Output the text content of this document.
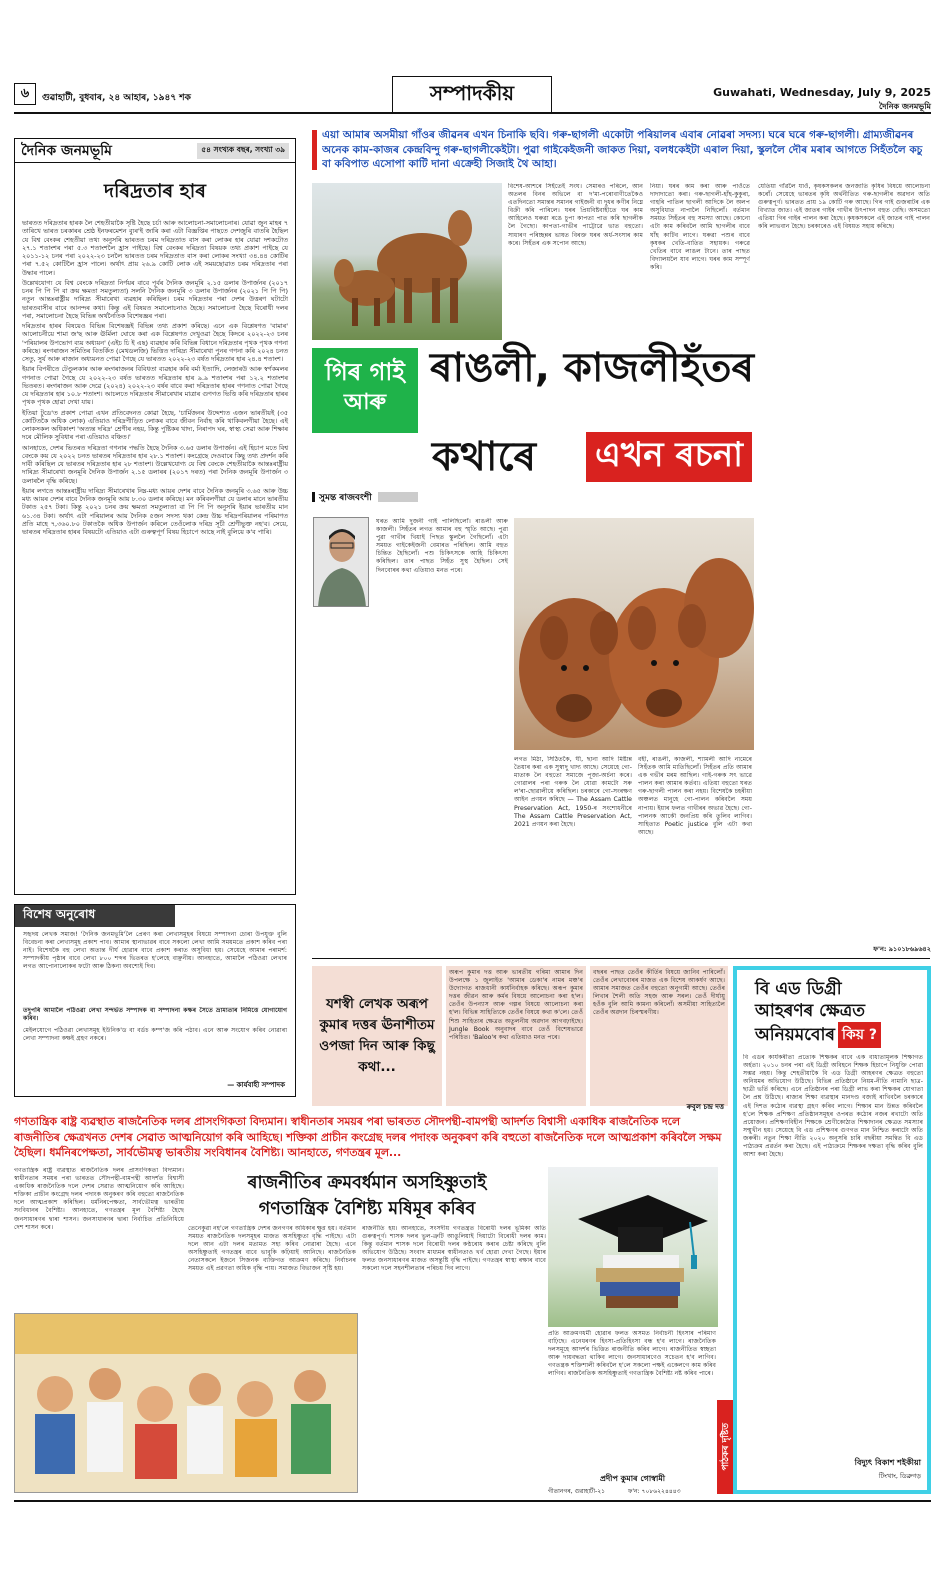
৬ গুৱাহাটী, বুধবাৰ, ২৪ আহাৰ, ১৯৪৭ শক	সম্পাদকীয়	Guwahati, Wednesday, July 9, 2025
দৈনিক জনমভূমি
দৈনিক জনমভূমি	৫৪ সংখ্যক বছৰ, সংখ্যা ৩৯
দৰিদ্ৰতাৰ হাৰ

ভাৰতত দৰিদ্ৰতাৰ হাৰক লৈ শেহতীয়াকৈ সৃষ্টি হৈছে চৰ্চা আৰু আলোচনা-সমালোচনাৰ। যোৱা জুন মাহৰ ৭ তাৰিখে ভাৰত চৰকাৰৰ শ্ৰেষ্ঠ ইনফৰমেশন ব্যুৰ'ই জাৰি কৰা এটা বিজ্ঞপ্তিৰ পাছতে দেশজুৰি বাতৰি হৈছিল যে বিশ্ব বেংকৰ শেহতীয়া তথ্য অনুসৰি ভাৰতত চৰম দৰিদ্ৰতাত বাস কৰা লোকৰ হাৰ যোৱা দশকটোত ২৭.১ শতাংশৰ পৰা ৫.৩ শতাংশলৈ হ্ৰাস পাইছে। বিশ্ব বেংকৰ দৰিদ্ৰতা বিষয়ক তথ্য প্ৰকাশ পাইছে যে ২০১১-১২ চনৰ পৰা ২০২২-২৩ চনলৈ ভাৰতত চৰম দৰিদ্ৰতাত বাস কৰা লোকৰ সংখ্যা ৩৪.৪৪ কোটিৰ পৰা ৭.৫২ কোটিলৈ হ্ৰাস পালে। অৰ্থাৎ প্ৰায় ২৬.৯ কোটি লোক এই সময়ছোৱাত চৰম দৰিদ্ৰতাৰ পৰা উদ্ধাৰ পালে।

উল্লেখযোগ্য যে বিশ্ব বেংকে দৰিদ্ৰতা নিৰ্ণয়ৰ বাবে পূৰ্বৰ দৈনিক জনমূৰি ২.১৫ ডলাৰ উপাৰ্জনৰ (২০১৭ চনৰ পি পি পি বা ক্ৰয় ক্ষমতা সমতুল্যতা) সলনি দৈনিক জনমূৰি ৩ ডলাৰ উপাৰ্জনৰ (২০২১ পি পি পি) নতুন আন্তঃৰাষ্ট্ৰীয় দাৰিদ্ৰ্য সীমাৰেখা ব্যৱহাৰ কৰিছিল। চৰম দৰিদ্ৰতাৰ পৰা দেশৰ উত্তৰণ ঘটাটো ভাৰতবাসীৰ বাবে আনন্দৰ কথা। কিন্তু এই বিষয়ত সমালোচনাও হৈছে। সমালোচনা হৈছে বিৰোধী দলৰ পৰা, সমালোচনা হৈছে বিভিন্ন অৰ্থনৈতিক বিশেষজ্ঞৰ পৰা।

দৰিদ্ৰতাৰ হাৰৰ বিষয়েও বিভিন্ন বিশেষজ্ঞই বিভিন্ন তথ্য প্ৰকাশ কৰিছে। এনে এক বিশ্লেষণত 'বামাৰ' আলোচনীয়ে শামা জ'ছ আৰু ঊৰ্মিলা ঘোষে কৰা এক বিশ্লেষণত দেখুওৱা হৈছে কিদৰে ২০২২-২৩ চনৰ 'পৰিয়ালৰ উপভোগ ব্যয় অধ্যয়ন' (এইচ চি ই এছ) ব্যৱহাৰ কৰি বিভিন্ন বিধানে দৰিদ্ৰতাৰ পৃথক পৃথক গণনা কৰিছে। ৰংগৰাজন সমিতিৰ বিতৰ্কিত (মেথডলজি) ভিত্তিত দাৰিদ্ৰ্য সীমাৰেখা পুনৰ গণনা কৰি ২০২৪ চনত সেতু, সুৰ্য আৰু ৰাজান অধ্যয়নত পোৱা গৈছে যে ভাৰতত ২০২২-২৩ বৰ্ষত দৰিদ্ৰতাৰ হাৰ ২৪.৪ শতাংশ।

ইয়াৰ বিপৰীতে টেণ্ডুলকাৰ আৰু ৰংগৰাজনৰ বিবিধতা ব্যৱহাৰ কৰি বৰ্মা ইত্যাদি, লেজাৰউ আৰু স্বৰ্ণকমলৰ গণনাত পোৱা গৈছে যে ২০২২-২৩ বৰ্ষত ভাৰতত দৰিদ্ৰতাৰ হাৰ ৯.৯ শতাংশৰ পৰা ১২.২ শতাংশৰ ভিতৰত। ৰংগৰাজন আৰু দেৱে (২০২৪) ২০২২-২৩ বৰ্ষৰ বাবে কৰা দৰিদ্ৰতাৰ হাৰৰ গণনাত পোৱা গৈছে যে দৰিদ্ৰতাৰ হাৰ ১০.৮ শতাংশ। আচলতে দৰিদ্ৰতাৰ সীমাৰেখাৰ মাত্ৰাৰ গুণগত ভিত্তি কৰি দৰিদ্ৰতাৰ হাৰৰ পৃথক পৃথক হোৱা দেখা যায়।

ইতিয়া টুডে'ত প্ৰকাশ পোৱা এখন প্ৰতিবেদনত কোৱা হৈছে, 'চাৰ্মিজনৰ উদ্দেশ্যত এজন ভাৰতীয়ই (৩৫ কোটিতকৈ অধিক লোক) এতিয়াও দৰিদ্ৰপীড়িত লোকৰ বাবে জীবন নিৰ্বাহ কৰি থাকিবলগীয়া হৈছে। এই লোকসকল অধিকাংশ 'অত্যন্ত দৰিদ্ৰ' শ্ৰেণীৰ নহয়, কিন্তু পুষ্টিকৰ খাদ্য, নিৰাপদ ঘৰ, স্বাস্থ্য সেৱা আৰু শিক্ষাৰ দৰে মৌলিক সুবিধাৰ পৰা এতিয়াও বঞ্চিত।'

আনহাতে, দেশৰ ভিতৰত দৰিদ্ৰতা গণনাৰ পদ্ধতি হৈছে দৈনিক ৩.৬৫ ডলাৰ উপাৰ্জন। এই হিচাপ মতে বিশ্ব বেংকে কয় যে ২০২২ চনত ভাৰতৰ দৰিদ্ৰতাৰ হাৰ ২৮.১ শতাংশ। কংগ্ৰেছে দেওবাৰে কিছু তথ্য প্ৰদৰ্শন কৰি দাবী কৰিছিল যে ভাৰতৰ দৰিদ্ৰতাৰ হাৰ ২৮ শতাংশ। উল্লেখযোগ্য যে বিশ্ব বেংকে শেহতীয়াকৈ আন্তঃৰাষ্ট্ৰীয় দাৰিদ্ৰ্য সীমাৰেখা জনমূৰি দৈনিক উপাৰ্জন ২.১৫ ডলাৰৰ (২০১৭ দৰত) পৰা দৈনিক জনমূৰি উপাৰ্জন ৩ ডলাৰলৈ বৃদ্ধি কৰিছে।

ইয়াৰ লগতে আন্তঃৰাষ্ট্ৰীয় দাৰিদ্ৰ্য সীমাৰেখাৰ নিম্ন-মধ্য আয়ৰ দেশৰ বাবে দৈনিক জনমূৰি ৩.৬৫ আৰু উচ্চ মধ্য আয়ৰ দেশৰ বাবে দৈনিক জনমূৰি আয় ৮.৩০ ডলাৰ কৰিছে। মন কৰিবলগীয়া যে ডলাৰ মানে ভাৰতীয় টকাত ২৫৭ টকা। কিন্তু ২০২১ চনৰ ক্ৰয় ক্ষমতা সমতুল্যতা বা পি পি পি অনুসৰি ইয়াৰ ভাৰতীয় মান ৬১.৩৪ টকা। অৰ্থাৎ এটা পৰিয়ালৰ আয় দৈনিক ৫জন সদস্য থকা কেন্দ্ৰ উচ্চ দৰিদ্ৰপৰিয়ালৰ পৰিমাণত প্ৰতি মাহে ৭,৩৬০.৮০ টকাতকৈ অধিক উপাৰ্জন কৰিলে তেওঁলোক দৰিদ্ৰ সূচী শ্ৰেণীভুক্ত নহ'ব। সেয়ে, ভাৰতৰ দৰিদ্ৰতাৰ হাৰৰ বিষয়টো এতিয়াও এটা গুৰুত্বপূৰ্ণ বিষয় হিচাপে আছে নাই বুলিয়ে ক'ব পাৰি।

বিশেষ অনুৰোধ
সহৃদয় লেখক সমাজ! 'দৈনিক জনমভূমি'লৈ প্ৰেৰণ কৰা লেখাসমূহৰ বিষয়ে সম্পাদনা চোৰা উপযুক্ত বুলি বিবেচনা কৰা লেখাসমূহ প্ৰকাশ পাব। আমাৰ স্থানাভাৱৰ বাবে সকলো লেখা আমি সময়মতে প্ৰকাশ কৰিব পৰা নাই। বিশেষকৈ বহু লেখা অত্যন্ত দীৰ্ঘ হোৱাৰ বাবে প্ৰকাশ কৰাত অসুবিধা হয়। সেয়েহে আমাৰ পৰামৰ্শ: সম্পাদকীয় পৃষ্ঠাৰ বাবে লেখা ৮০০ শব্দৰ ভিতৰত হ'লেহে বাঞ্ছনীয়। আনহাতে, আমালৈ পঠিওৱা লেখাৰ লগত আপোনালোকৰ ফটো আৰু ঠিকনা অবশ্যেই দিব।
তদুপৰি আমালৈ পঠিওৱা লেখা সন্দৰ্ভত সম্পাদক বা সম্পাদনা কক্ষৰ সৈতে ভ্ৰাম্যতাৰ নিমিত্তে যোগাযোগ কৰিব।
মেইলযোগে পঠিওৱা লেখাসমূহ ইউনিক'ড বা বৰ্ডচ কম্প'জ কৰি পঠাব। এনে আৰু সংযোগ কৰিব নোৱাৰা লেখা সম্পাদনা কক্ষই গ্ৰহণ নকৰে।
— কাৰ্যবাহী সম্পাদক
এয়া আমাৰ অসমীয়া গাঁওৰ জীৱনৰ এখন চিনাকি ছবি। গৰু-ছাগলী একোটা পৰিয়ালৰ এবাৰ নোৱৰা সদস্য। ঘৰে ঘৰে গৰু-ছাগলী। গ্ৰাম্যজীৱনৰ অনেক কাম-কাজৰ কেন্দ্ৰবিন্দু গৰু-ছাগলীকেইটা। পুৱা গাইকেইজনী জাকত দিয়া, বলধকেইটা এৰাল দিয়া, স্কুললৈ দৌৰ মৰাৰ আগতে সিহঁতলৈ কচু বা কবিপাত এসোপা কাটি দানা এক্ৰেহী সিজাই থৈ আহা।
বিশেষ-আশৰে সিহঁতেই সংঘ। সেমাৰও পৰিলে, আন অতলৰ বিনৰ অভিলে বা দ'মা-পৰোবাণীতেকৈও এতদিনতো সমান্তৰ সমানৰ গাইজনী বা দুধৰ কণীৰ নিম্নে বিক্ৰী কৰি পাৰিলে। ঘৰৰ প্ৰিয়বিষ্টবাহীতে ঘৰ কাম আহিলেও ঘৰুৱা ৰঙে চুপা কাপতা পাত কৰি ছাগলীক লৈ গৈছো। কাপতা-গাভীৰ পাট্টোৱে ভাত বহুতো। সাধাৰণ পৰিচ্ছন্নৰ ভাষত বিৰক্ত ঘৰৰ অৰ্ধ-সংসাৰ কাম কৰে। সিহঁতৰ এক সপোন আছে।
নিয়া। ঘৰৰ কাম কৰা আৰু পাওঁতে দাদাদাতো কৰা। গৰু-ছাগলী-হাঁহ-কুকুৰা, গাহৰি পাতিল ছাগলী আদিকে লৈ অলপ অসুবিধাত নাপালৈ নিছিলোঁ। বৰ্তমান সময়ত সিহঁতৰ বহু সমস্যা আছে। কোনো এটা কাম কৰিবলৈ আমি ছাগলীৰ বাবে ঘাঁহ কাটিব লাগে। ঘৰুৱা পশুৰ বাবে কৃষকৰ খেতি-বাতিত সহায়ক। গৰুৱে খেতিৰ বাবে লাঙল টানে। তাৰ পাছত বিদ্যালয়লৈ যাব লাগে। ঘৰৰ কাম সম্পূৰ্ণ কৰি।
যেতিয়া গাঁৱলৈ যাওঁ, কৃষকসকলৰ জনজাতি কৃষিৰ বিষয়ে আলোচনা কৰোঁ। সেয়েহে ভাৰতৰ কৃষি অৰ্থনীতিত গৰু-ছাগলীৰ অৱদান অতি গুৰুত্বপূৰ্ণ। ভাৰতত প্ৰায় ১৯ কোটি গৰু আছে। গিৰ গাই গুজৰাটৰ এক বিখ্যাত জাত। এই জাতৰ গাইৰ গাখীৰ উৎপাদন বহুত বেছি। অসমতো এতিয়া গিৰ গাইৰ পালন কৰা হৈছে। কৃষকসকলে এই জাতৰ গাই পালন কৰি লাভবান হৈছে। চৰকাৰেও এই বিষয়ত সহায় কৰিছে।
গিৰ গাই
আৰু
ৰাঙলী, কাজলীহঁতৰ
কথাৰে এখন ৰচনা
সুমন্ত ৰাজবংশী
ঘৰত আমি দুজনী গাই পালিছিলোঁ। ৰাঙলী আৰু কাজলী। সিহঁতৰ লগত আমাৰ বহু স্মৃতি আছে। পুৱা পুৱা গাখীৰ খিয়াই পিছত স্কুললৈ গৈছিলোঁ। এটা সময়ত গাইকেইজনী বেমাৰত পৰিছিল। আমি বহুত চিন্তিত হৈছিলোঁ। পশু চিকিৎসকে আহি চিকিৎসা কৰিছিল। তাৰ পাছত সিহঁত সুস্থ হৈছিল। সেই দিনবোৰৰ কথা এতিয়াও মনত পৰে।
লগত মিঠা, সিঠিতকৈ, ঘী, ছানা আদি মিষ্টান্ন তৈয়াৰ কৰা এক সুস্বাদু খাদ্য আছে। সেয়েহে গো-মাতাক লৈ বহুতো সমাজে পূজা-অৰ্চনা কৰে। গোৱালৰ পৰা গৰুক লৈ যোৱা কামটো সৰু ল'ৰা-ছোৱালীয়ে কৰিছিল। চৰকাৰে গো-সংৰক্ষণ আইন প্ৰণয়ন কৰিছে — The Assam Cattle Preservation Act, 1950-ৰ সংশোধনীৰে The Assam Cattle Preservation Act, 2021 প্ৰণয়ন কৰা হৈছে।
বহী, ৰাঙলী, কাজলী, শ্যামলী আদি নামেৰে সিহঁতক আমি মাতিছিলোঁ। সিহঁতৰ প্ৰতি আমাৰ এক গভীৰ মৰম আছিল। গাই-গৰুক সৎ ভাৱে পালন কৰা আমাৰ কৰ্তব্য। এতিয়া বহুতো ঘৰত গৰু-ছাগলী পালন কৰা নহয়। বিশেষকৈ চহৰীয়া অঞ্চলত মানুহে গো-পালন কৰিবলৈ সময় নাপায়। ইয়াৰ ফলত গাখীৰৰ অভাৱ হৈছে। গো-পালনক আকৌ জনপ্ৰিয় কৰি তুলিব লাগিব। সাহিত্যত Poetic justice বুলি এটা কথা আছে।
ফ'ন: ৯১০১৮৬৯৬৪২
যশস্বী লেখক অৰূপ কুমাৰ দত্তৰ ঊনাশীতম ওপজা দিন আৰু কিছু কথা...
অৰূপ কুমাৰ দত্ত আৰু ভাৰতীয় গৰিমা আমাৰ দিন উপলক্ষে ১ জুলাইত 'আমাৰ ডেকা'ৰ নামৰ মঞ্চ'ৰ উদ্যোগত ৰাজধানী কাৰ্যনিৰ্বাহক কৰিছে। অৰূপ কুমাৰ দত্তৰ জীৱন আৰু কৰ্মৰ বিষয়ে আলোচনা কৰা হ'ল। তেওঁৰ উপন্যাস আৰু গল্পৰ বিষয়ে আলোচনা কৰা হ'ল। বিভিন্ন সাহিত্যিকে তেওঁৰ বিষয়ে কথা ক'লে। তেওঁ শিশু সাহিত্যৰ ক্ষেত্ৰত অতুলনীয় অৱদান আগবঢ়াইছে। Jungle Book অনুবাদৰ বাবে তেওঁ বিশেষভাৱে পৰিচিত। 'Baloo'ৰ কথা এতিয়াও মনত পৰে।
বছৰৰ পাছত তেওঁৰ কীৰ্তিৰ বিষয়ে জানিব পাৰিলোঁ। তেওঁৰ লেখাবোৰৰ মাজত এক বিশেষ আকৰ্ষণ আছে। আমাৰ সমাজত তেওঁৰ বহুতো অনুগামী আছে। তেওঁৰ লিখাৰ শৈলী অতি সহজ আৰু সৰল। তেওঁ দীৰ্ঘায়ু হওঁক বুলি আমি কামনা কৰিলোঁ। অসমীয়া সাহিত্যলৈ তেওঁৰ অৱদান চিৰস্মৰণীয়।
ৰুবুল চন্দ্ৰ দত্ত
বি এড ডিগ্ৰী
আহৰণৰ ক্ষেত্ৰত
অনিয়মবোৰ কিয় ?
বি এডৰ কাৰ্যকৰীতা প্ৰত্যেক শিক্ষকৰ বাবে এক বাধ্যতামূলক শিক্ষাগত অৰ্হতা। ২০১০ চনৰ পৰা এই ডিগ্ৰী অবিহনে শিক্ষক হিচাপে নিযুক্তি পোৱা সম্ভৱ নহয়। কিন্তু শেহতীয়াকৈ বি এড ডিগ্ৰী আহৰণৰ ক্ষেত্ৰত বহুতো অনিয়মৰ অভিযোগ উঠিছে। বিভিন্ন প্ৰতিষ্ঠানে নিয়ম-নীতি নামানি ছাত্ৰ-ছাত্ৰী ভৰ্তি কৰিছে। এনে প্ৰতিষ্ঠানৰ পৰা ডিগ্ৰী লাভ কৰা শিক্ষকৰ যোগ্যতা লৈ প্ৰশ্ন উঠিছে। ৰাজ্যৰ শিক্ষা ব্যৱস্থাৰ মানদণ্ড বজাই ৰাখিবলৈ চৰকাৰে এই দিশত কঠোৰ ব্যৱস্থা গ্ৰহণ কৰিব লাগে। শিক্ষাৰ মান উন্নত কৰিবলৈ হ'লে শিক্ষক প্ৰশিক্ষণ প্ৰতিষ্ঠানসমূহৰ ওপৰত কঠোৰ নজৰ ৰখাটো অতি প্ৰয়োজন। প্ৰশিক্ষণবিহীন শিক্ষকে শ্ৰেণীকোঠাত শিক্ষাদানৰ ক্ষেত্ৰত সমস্যাৰ সন্মুখীন হয়। সেয়েহে বি এড প্ৰশিক্ষণৰ গুণগত মান নিশ্চিত কৰাটো অতি জৰুৰী। নতুন শিক্ষা নীতি ২০২০ অনুসৰি চাৰি বছৰীয়া সমন্বিত বি এড পাঠ্যক্ৰম প্ৰৱৰ্তন কৰা হৈছে। এই পাঠ্যক্ৰমে শিক্ষকৰ দক্ষতা বৃদ্ধি কৰিব বুলি আশা কৰা হৈছে।
বিদ্যুৎ বিকাশ শইকীয়া
টিংখাং, ডিব্ৰুগড়
পাঠকৰ দৃষ্টিত
গণতান্ত্ৰিক ৰাষ্ট্ৰ ব্যৱস্থাত ৰাজনৈতিক দলৰ প্ৰাসংগিকতা বিদ্যমান। স্বাধীনতাৰ সময়ৰ পৰা ভাৰতত সৌদপন্থী-বামপন্থী আদৰ্শত বিশ্বাসী একাধিক ৰাজনৈতিক দলে ৰাজনীতিৰ ক্ষেত্ৰখনত দেশৰ সেৱাত আত্মনিয়োগ কৰি আহিছে। শক্তিকা প্ৰাচীন কংগ্ৰেছ দলৰ পদাংক অনুকৰণ কৰি বহুতো ৰাজনৈতিক দলে আত্মপ্ৰকাশ কৰিবলৈ সক্ষম হৈছিল। ধৰ্মনিৰপেক্ষতা, সাৰ্বভৌমত্ব ভাৰতীয় সংবিধানৰ বৈশিষ্ট্য। আনহাতে, গণতন্ত্ৰৰ মূল...
গণতান্ত্ৰিক ৰাষ্ট্ৰ ব্যৱস্থাত ৰাজনৈতিক দলৰ প্ৰাসংগিকতা বিদ্যমান। স্বাধীনতাৰ সময়ৰ পৰা ভাৰতত সৌদপন্থী-বামপন্থী আদৰ্শত বিশ্বাসী একাধিক ৰাজনৈতিক দলে দেশৰ সেৱাত আত্মনিয়োগ কৰি আহিছে। শক্তিকা প্ৰাচীন কংগ্ৰেছ দলৰ পদাংক অনুকৰণ কৰি বহুতো ৰাজনৈতিক দলে আত্মপ্ৰকাশ কৰিছিল। ধৰ্মনিৰপেক্ষতা, সাৰ্বভৌমত্ব ভাৰতীয় সংবিধানৰ বৈশিষ্ট্য। আনহাতে, গণতন্ত্ৰৰ মূল বৈশিষ্ট্য হৈছে জনসাধাৰণৰ দ্বাৰা শাসন। জনসাধাৰণৰ দ্বাৰা নিৰ্বাচিত প্ৰতিনিধিয়ে দেশ শাসন কৰে।
ৰাজনীতিৰ ক্ৰমবৰ্ধমান অসহিষ্ণুতাই
গণতান্ত্ৰিক বৈশিষ্ট্য মষিমূৰ কৰিব
তেনেকুৱা নহ'লে গণতান্ত্ৰিক দেশৰ জনগণৰ অধিকাৰ ক্ষুণ্ণ হয়। বৰ্তমান সময়ত ৰাজনৈতিক দলসমূহৰ মাজত অসহিষ্ণুতা বৃদ্ধি পাইছে। এটা দলে আন এটা দলৰ মতামত সহ্য কৰিব নোৱাৰা হৈছে। এনে অসহিষ্ণুতাই গণতন্ত্ৰৰ বাবে ভাবুকি কঢ়িয়াই আনিছে। ৰাজনৈতিক নেতাসকলে ইজনে সিজনক ব্যক্তিগত আক্ৰমণ কৰিছে। নিৰ্বাচনৰ সময়ত এই প্ৰৱণতা অধিক বৃদ্ধি পায়। সমাজত বিভাজন সৃষ্টি হয়।
ৰাজনীতি হয়। আনহাতে, সংসদীয় গণতন্ত্ৰত বিৰোধী দলৰ ভূমিকা অতি গুৰুত্বপূৰ্ণ। শাসক দলৰ ভুল-ত্ৰুটি আঙুলিয়াই দিয়াটো বিৰোধী দলৰ কাম। কিন্তু বৰ্তমান শাসক দলে বিৰোধী দলৰ কণ্ঠৰোধ কৰাৰ চেষ্টা কৰিছে বুলি অভিযোগ উঠিছে। সংবাদ মাধ্যমৰ স্বাধীনতাও খৰ্ব হোৱা দেখা গৈছে। ইয়াৰ ফলত জনসাধাৰণৰ মাজত অসন্তুষ্টি বৃদ্ধি পাইছে। গণতন্ত্ৰৰ স্বাস্থ্য ৰক্ষাৰ বাবে সকলো দলে সহনশীলতাৰ পৰিচয় দিব লাগে।
প্ৰতি আক্ৰমণধৰ্মী হোৱাৰ ফলত অসমত নিৰ্বাচনী হিংসাৰ পৰিমাণ বাঢ়িছে। এনেধৰণৰ হিংসা-প্ৰতিহিংসা বন্ধ হ'ব লাগে। ৰাজনৈতিক দলসমূহে আদৰ্শৰ ভিত্তিত ৰাজনীতি কৰিব লাগে। ৰাজনীতিত স্বচ্ছতা আৰু দায়বদ্ধতা থাকিব লাগে। জনসাধাৰণেও সচেতন হ'ব লাগিব। গণতন্ত্ৰক শক্তিশালী কৰিবলৈ হ'লে সকলো পক্ষই একেলগে কাম কৰিব লাগিব। ৰাজনৈতিক অসহিষ্ণুতাই গণতান্ত্ৰিক বৈশিষ্ট্য নষ্ট কৰিব পাৰে।
প্ৰদীপ কুমাৰ গোস্বামী
গীতানগৰ, গুৱাহাটী-২১	ফ'ন: ৭০৮৬২২৪৪৪৩
